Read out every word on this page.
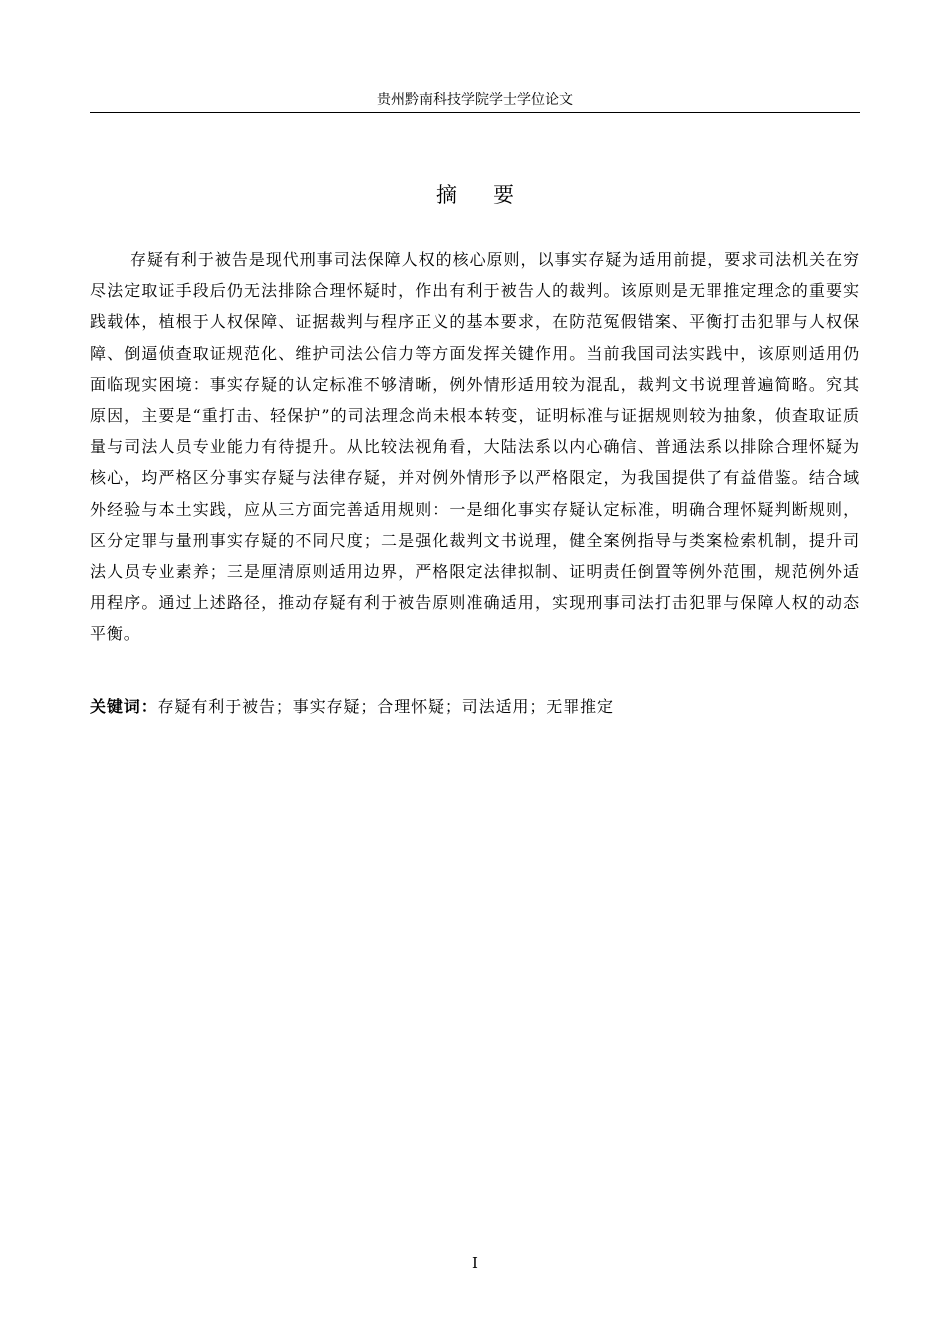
贵州黔南科技学院学士学位论文
摘要

存疑有利于被告是现代刑事司法保障人权的核心原则，以事实存疑为适用前提，要求司法机关在穷尽法定取证手段后仍无法排除合理怀疑时，作出有利于被告人的裁判。该原则是无罪推定理念的重要实践载体，植根于人权保障、证据裁判与程序正义的基本要求，在防范冤假错案、平衡打击犯罪与人权保障、倒逼侦查取证规范化、维护司法公信力等方面发挥关键作用。当前我国司法实践中，该原则适用仍面临现实困境：事实存疑的认定标准不够清晰，例外情形适用较为混乱，裁判文书说理普遍简略。究其原因，主要是“重打击、轻保护”的司法理念尚未根本转变，证明标准与证据规则较为抽象，侦查取证质量与司法人员专业能力有待提升。从比较法视角看，大陆法系以内心确信、普通法系以排除合理怀疑为核心，均严格区分事实存疑与法律存疑，并对例外情形予以严格限定，为我国提供了有益借鉴。结合域外经验与本土实践，应从三方面完善适用规则：一是细化事实存疑认定标准，明确合理怀疑判断规则，区分定罪与量刑事实存疑的不同尺度；二是强化裁判文书说理，健全案例指导与类案检索机制，提升司法人员专业素养；三是厘清原则适用边界，严格限定法律拟制、证明责任倒置等例外范围，规范例外适用程序。通过上述路径，推动存疑有利于被告原则准确适用，实现刑事司法打击犯罪与保障人权的动态平衡。

关键词：存疑有利于被告；事实存疑；合理怀疑；司法适用；无罪推定
I
